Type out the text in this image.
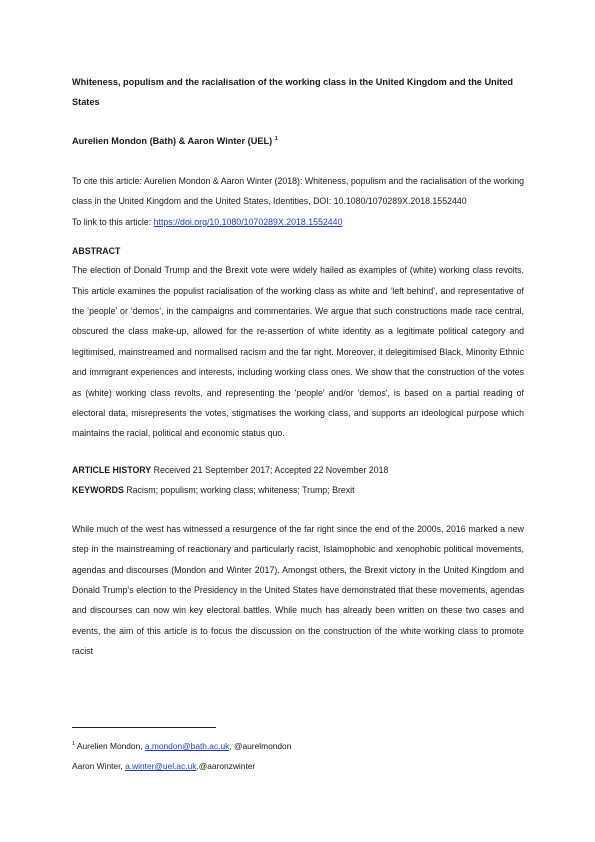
Whiteness, populism and the racialisation of the working class in the United Kingdom and the United States

Aurelien Mondon (Bath) & Aaron Winter (UEL) $^1$

To cite this article: Aurelien Mondon & Aaron Winter (2018): Whiteness, populism and the racialisation of the working class in the United Kingdom and the United States, Identities, DOI: 10.1080/1070289X.2018.1552440

To link to this article: https://doi.org/10.1080/1070289X.2018.1552440

ABSTRACT

The election of Donald Trump and the Brexit vote were widely hailed as examples of (white) working class revolts. This article examines the populist racialisation of the working class as white and ‘left behind’, and representative of the ‘people’ or ‘demos’, in the campaigns and commentaries. We argue that such constructions made race central, obscured the class make-up, allowed for the re-assertion of white identity as a legitimate political category and legitimised, mainstreamed and normalised racism and the far right. Moreover, it delegitimised Black, Minority Ethnic and immigrant experiences and interests, including working class ones. We show that the construction of the votes as (white) working class revolts, and representing the 'people' and/or 'demos', is based on a partial reading of electoral data, misrepresents the votes, stigmatises the working class, and supports an ideological purpose which maintains the racial, political and economic status quo.

ARTICLE HISTORY Received 21 September 2017; Accepted 22 November 2018

KEYWORDS Racism; populism; working class; whiteness; Trump; Brexit

While much of the west has witnessed a resurgence of the far right since the end of the 2000s, 2016 marked a new step in the mainstreaming of reactionary and particularly racist, Islamophobic and xenophobic political movements, agendas and discourses (Mondon and Winter 2017). Amongst others, the Brexit victory in the United Kingdom and Donald Trump’s election to the Presidency in the United States have demonstrated that these movements, agendas and discourses can now win key electoral battles. While much has already been written on these two cases and events, the aim of this article is to focus the discussion on the construction of the white working class to promote racist

$^1$ Aurelien Mondon, a.mondon@bath.ac.uk, @aurelmondon

Aaron Winter, a.winter@uel.ac.uk,@aaronzwinter
